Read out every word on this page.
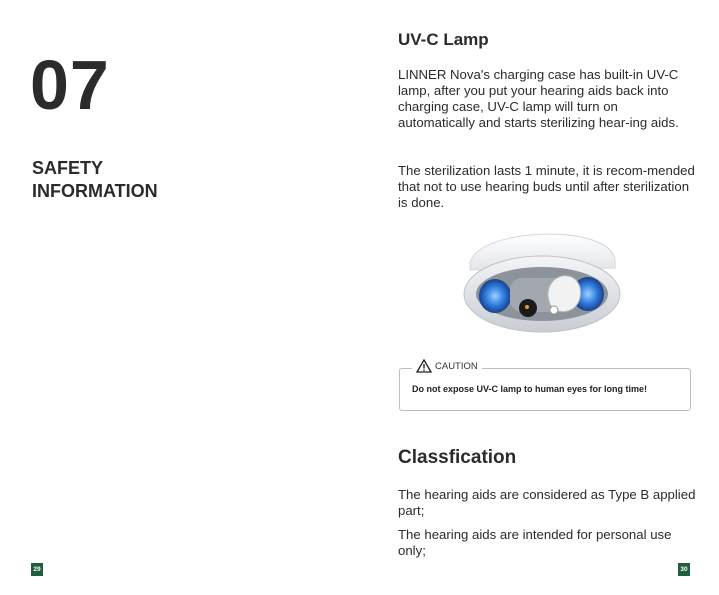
07
SAFETY
INFORMATION
UV-C Lamp
LINNER Nova's charging case has built-in UV-C lamp, after you put your hearing aids back into charging case, UV-C lamp will turn on automatically and starts sterilizing hear-ing aids.
The sterilization lasts 1 minute, it is recom-mended that not to use hearing buds until after sterilization is done.
CAUTION
Do not expose UV-C lamp to human eyes for long time!
Classfication
The hearing aids are considered as Type B applied part;
The hearing aids are intended for personal use only;
29	30
